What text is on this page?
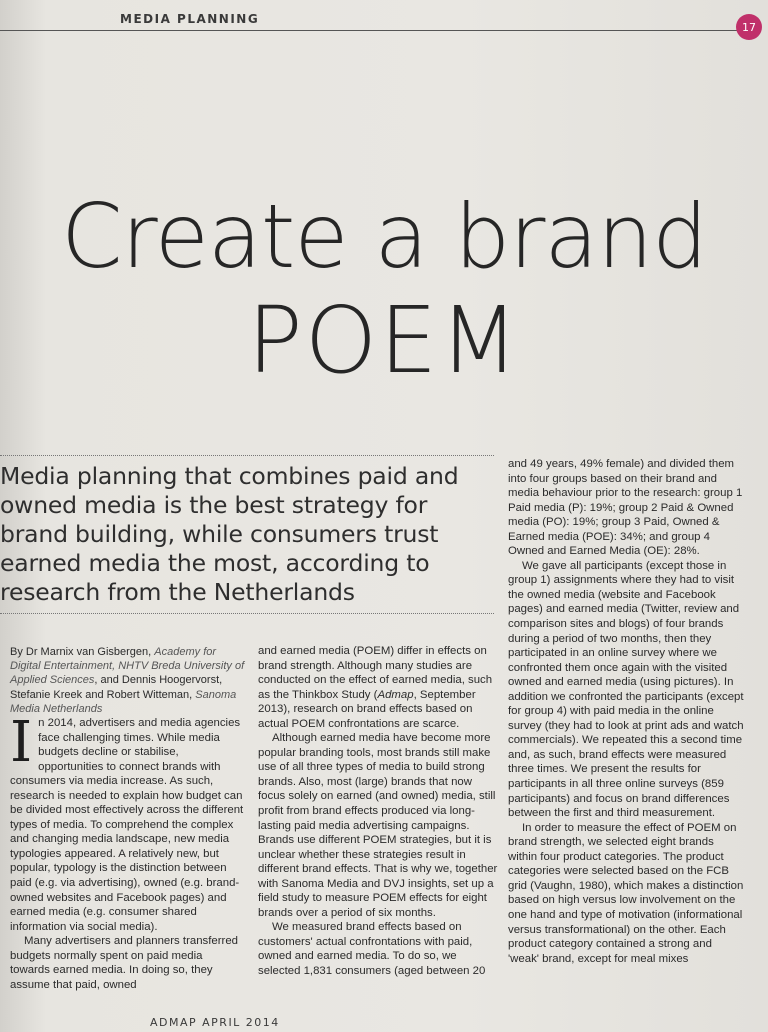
MEDIA PLANNING
17
Create a brand
POEM
Media planning that combines paid and owned media is the best strategy for brand building, while consumers trust earned media the most, according to research from the Netherlands

By Dr Marnix van Gisbergen, Academy for Digital Entertainment, NHTV Breda University of Applied Sciences, and Dennis Hoogervorst, Stefanie Kreek and Robert Witteman, Sanoma Media Netherlands

In 2014, advertisers and media agencies face challenging times. While media budgets decline or stabilise, opportunities to connect brands with consumers via media increase. As such, research is needed to explain how budget can be divided most effectively across the different types of media. To comprehend the complex and changing media landscape, new media typologies appeared. A relatively new, but popular, typology is the distinction between paid (e.g. via advertising), owned (e.g. brand-owned websites and Facebook pages) and earned media (e.g. consumer shared information via social media).

Many advertisers and planners transferred budgets normally spent on paid media towards earned media. In doing so, they assume that paid, owned

and earned media (POEM) differ in effects on brand strength. Although many studies are conducted on the effect of earned media, such as the Thinkbox Study (Admap, September 2013), research on brand effects based on actual POEM confrontations are scarce.

Although earned media have become more popular branding tools, most brands still make use of all three types of media to build strong brands. Also, most (large) brands that now focus solely on earned (and owned) media, still profit from brand effects produced via long-lasting paid media advertising campaigns. Brands use different POEM strategies, but it is unclear whether these strategies result in different brand effects. That is why we, together with Sanoma Media and DVJ insights, set up a field study to measure POEM effects for eight brands over a period of six months.

We measured brand effects based on customers' actual confrontations with paid, owned and earned media. To do so, we selected 1,831 consumers (aged between 20

and 49 years, 49% female) and divided them into four groups based on their brand and media behaviour prior to the research: group 1 Paid media (P): 19%; group 2 Paid & Owned media (PO): 19%; group 3 Paid, Owned & Earned media (POE): 34%; and group 4 Owned and Earned Media (OE): 28%.

We gave all participants (except those in group 1) assignments where they had to visit the owned media (website and Facebook pages) and earned media (Twitter, review and comparison sites and blogs) of four brands during a period of two months, then they participated in an online survey where we confronted them once again with the visited owned and earned media (using pictures). In addition we confronted the participants (except for group 4) with paid media in the online survey (they had to look at print ads and watch commercials). We repeated this a second time and, as such, brand effects were measured three times. We present the results for participants in all three online surveys (859 participants) and focus on brand differences between the first and third measurement.

In order to measure the effect of POEM on brand strength, we selected eight brands within four product categories. The product categories were selected based on the FCB grid (Vaughn, 1980), which makes a distinction based on high versus low involvement on the one hand and type of motivation (informational versus transformational) on the other. Each product category contained a strong and 'weak' brand, except for meal mixes

ADMAP APRIL 2014
